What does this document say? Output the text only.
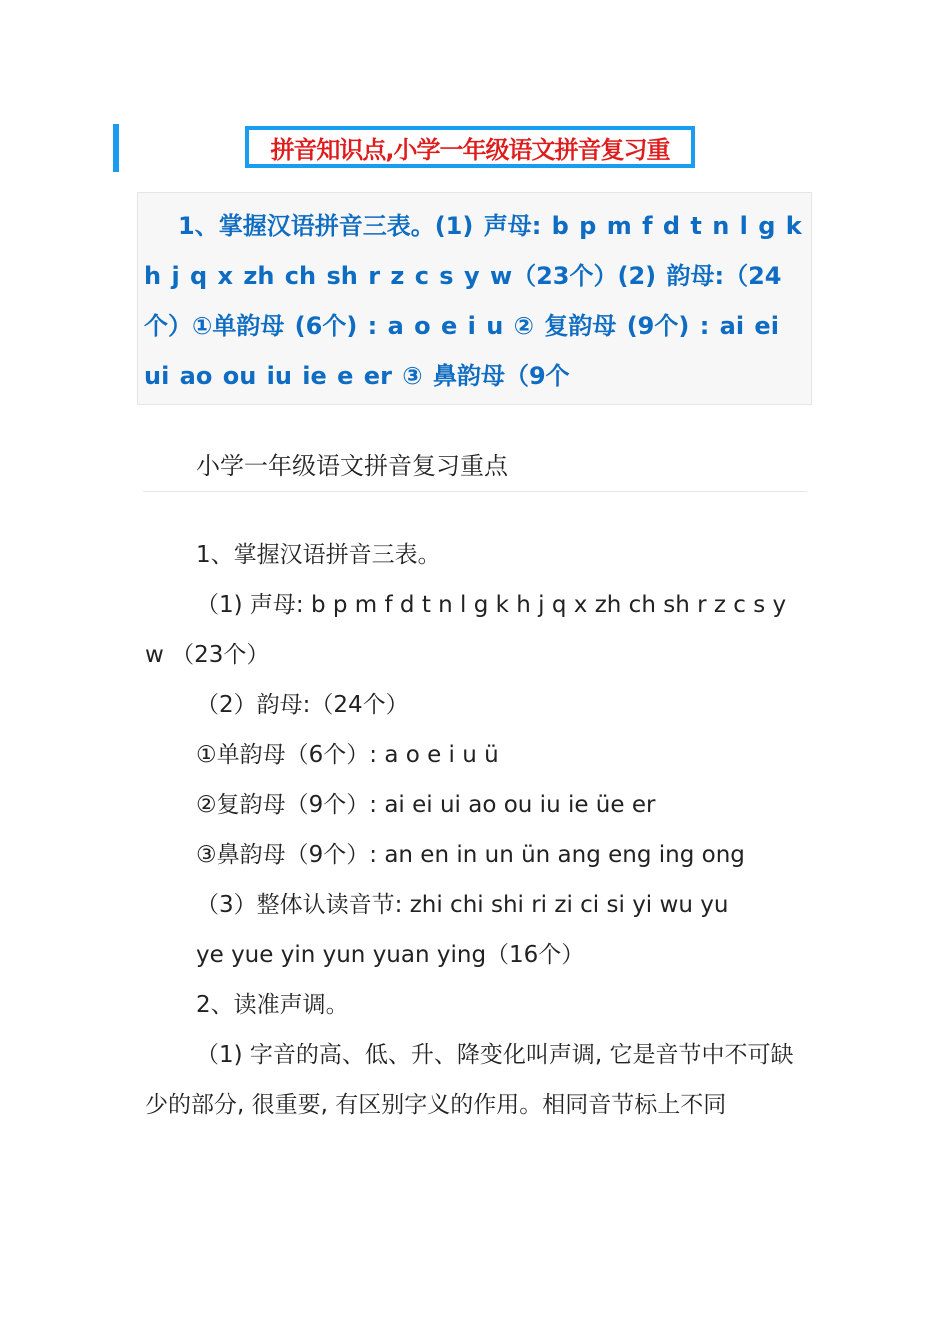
拼音知识点,小学一年级语文拼音复习重

1、掌握汉语拼音三表。(1) 声母: b p m f d t n l g k h j q x zh ch sh r z c s y w（23个）(2) 韵母:（24个）①单韵母 (6个) : a o e i u ② 复韵母 (9个) : ai ei ui ao ou iu ie e er ③ 鼻韵母（9个

小学一年级语文拼音复习重点

1、掌握汉语拼音三表。

（1) 声母: b p m f d t n l g k h j q x zh ch sh r z c s y w （23个）

（2）韵母:（24个）

①单韵母（6个）: a o e i u ü

②复韵母（9个）: ai ei ui ao ou iu ie üe er

③鼻韵母（9个）: an en in un ün ang eng ing ong

（3）整体认读音节: zhi chi shi ri zi ci si yi wu yu

ye yue yin yun yuan ying（16个）

2、读准声调。

（1) 字音的高、低、升、降变化叫声调, 它是音节中不可缺少的部分, 很重要, 有区别字义的作用。相同音节标上不同
